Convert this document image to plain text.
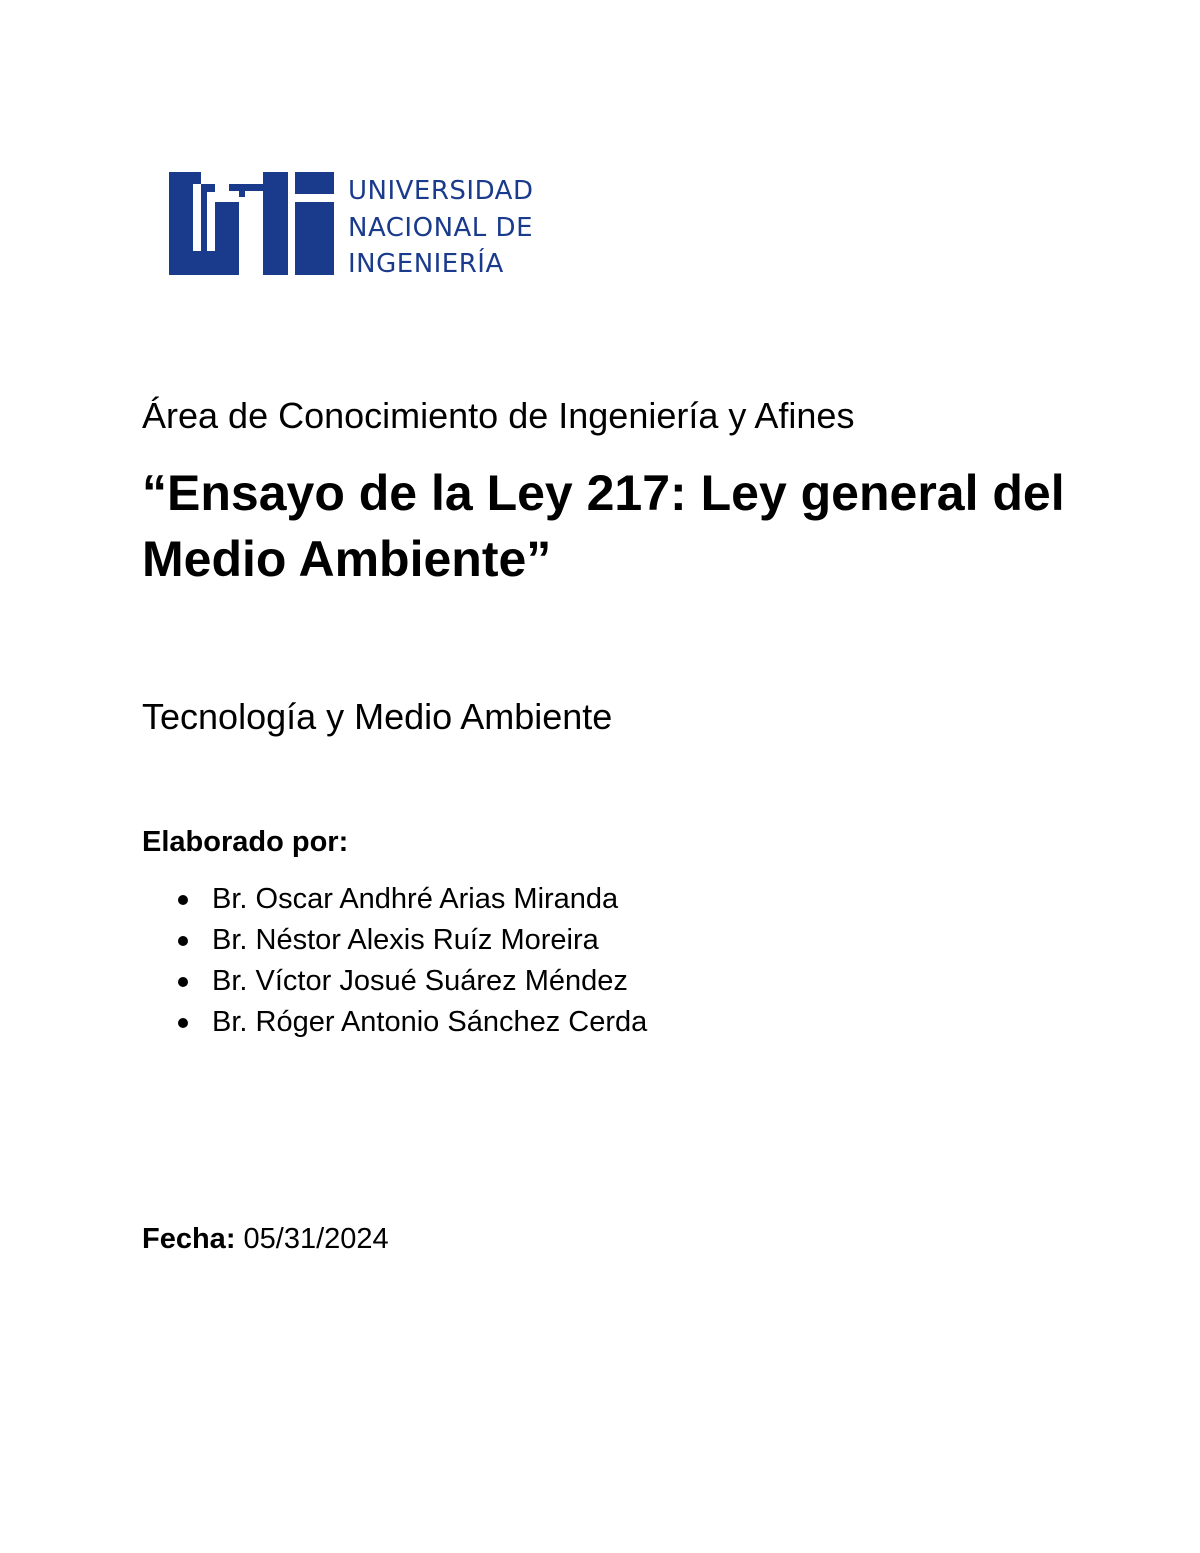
UNIVERSIDAD
NACIONAL DE
INGENIERÍA
Área de Conocimiento de Ingeniería y Afines
“Ensayo de la Ley 217: Ley general del Medio Ambiente”
Tecnología y Medio Ambiente
Elaborado por:
Br. Oscar Andhré Arias Miranda
Br. Néstor Alexis Ruíz Moreira
Br. Víctor Josué Suárez Méndez
Br. Róger Antonio Sánchez Cerda
Fecha: 05/31/2024
